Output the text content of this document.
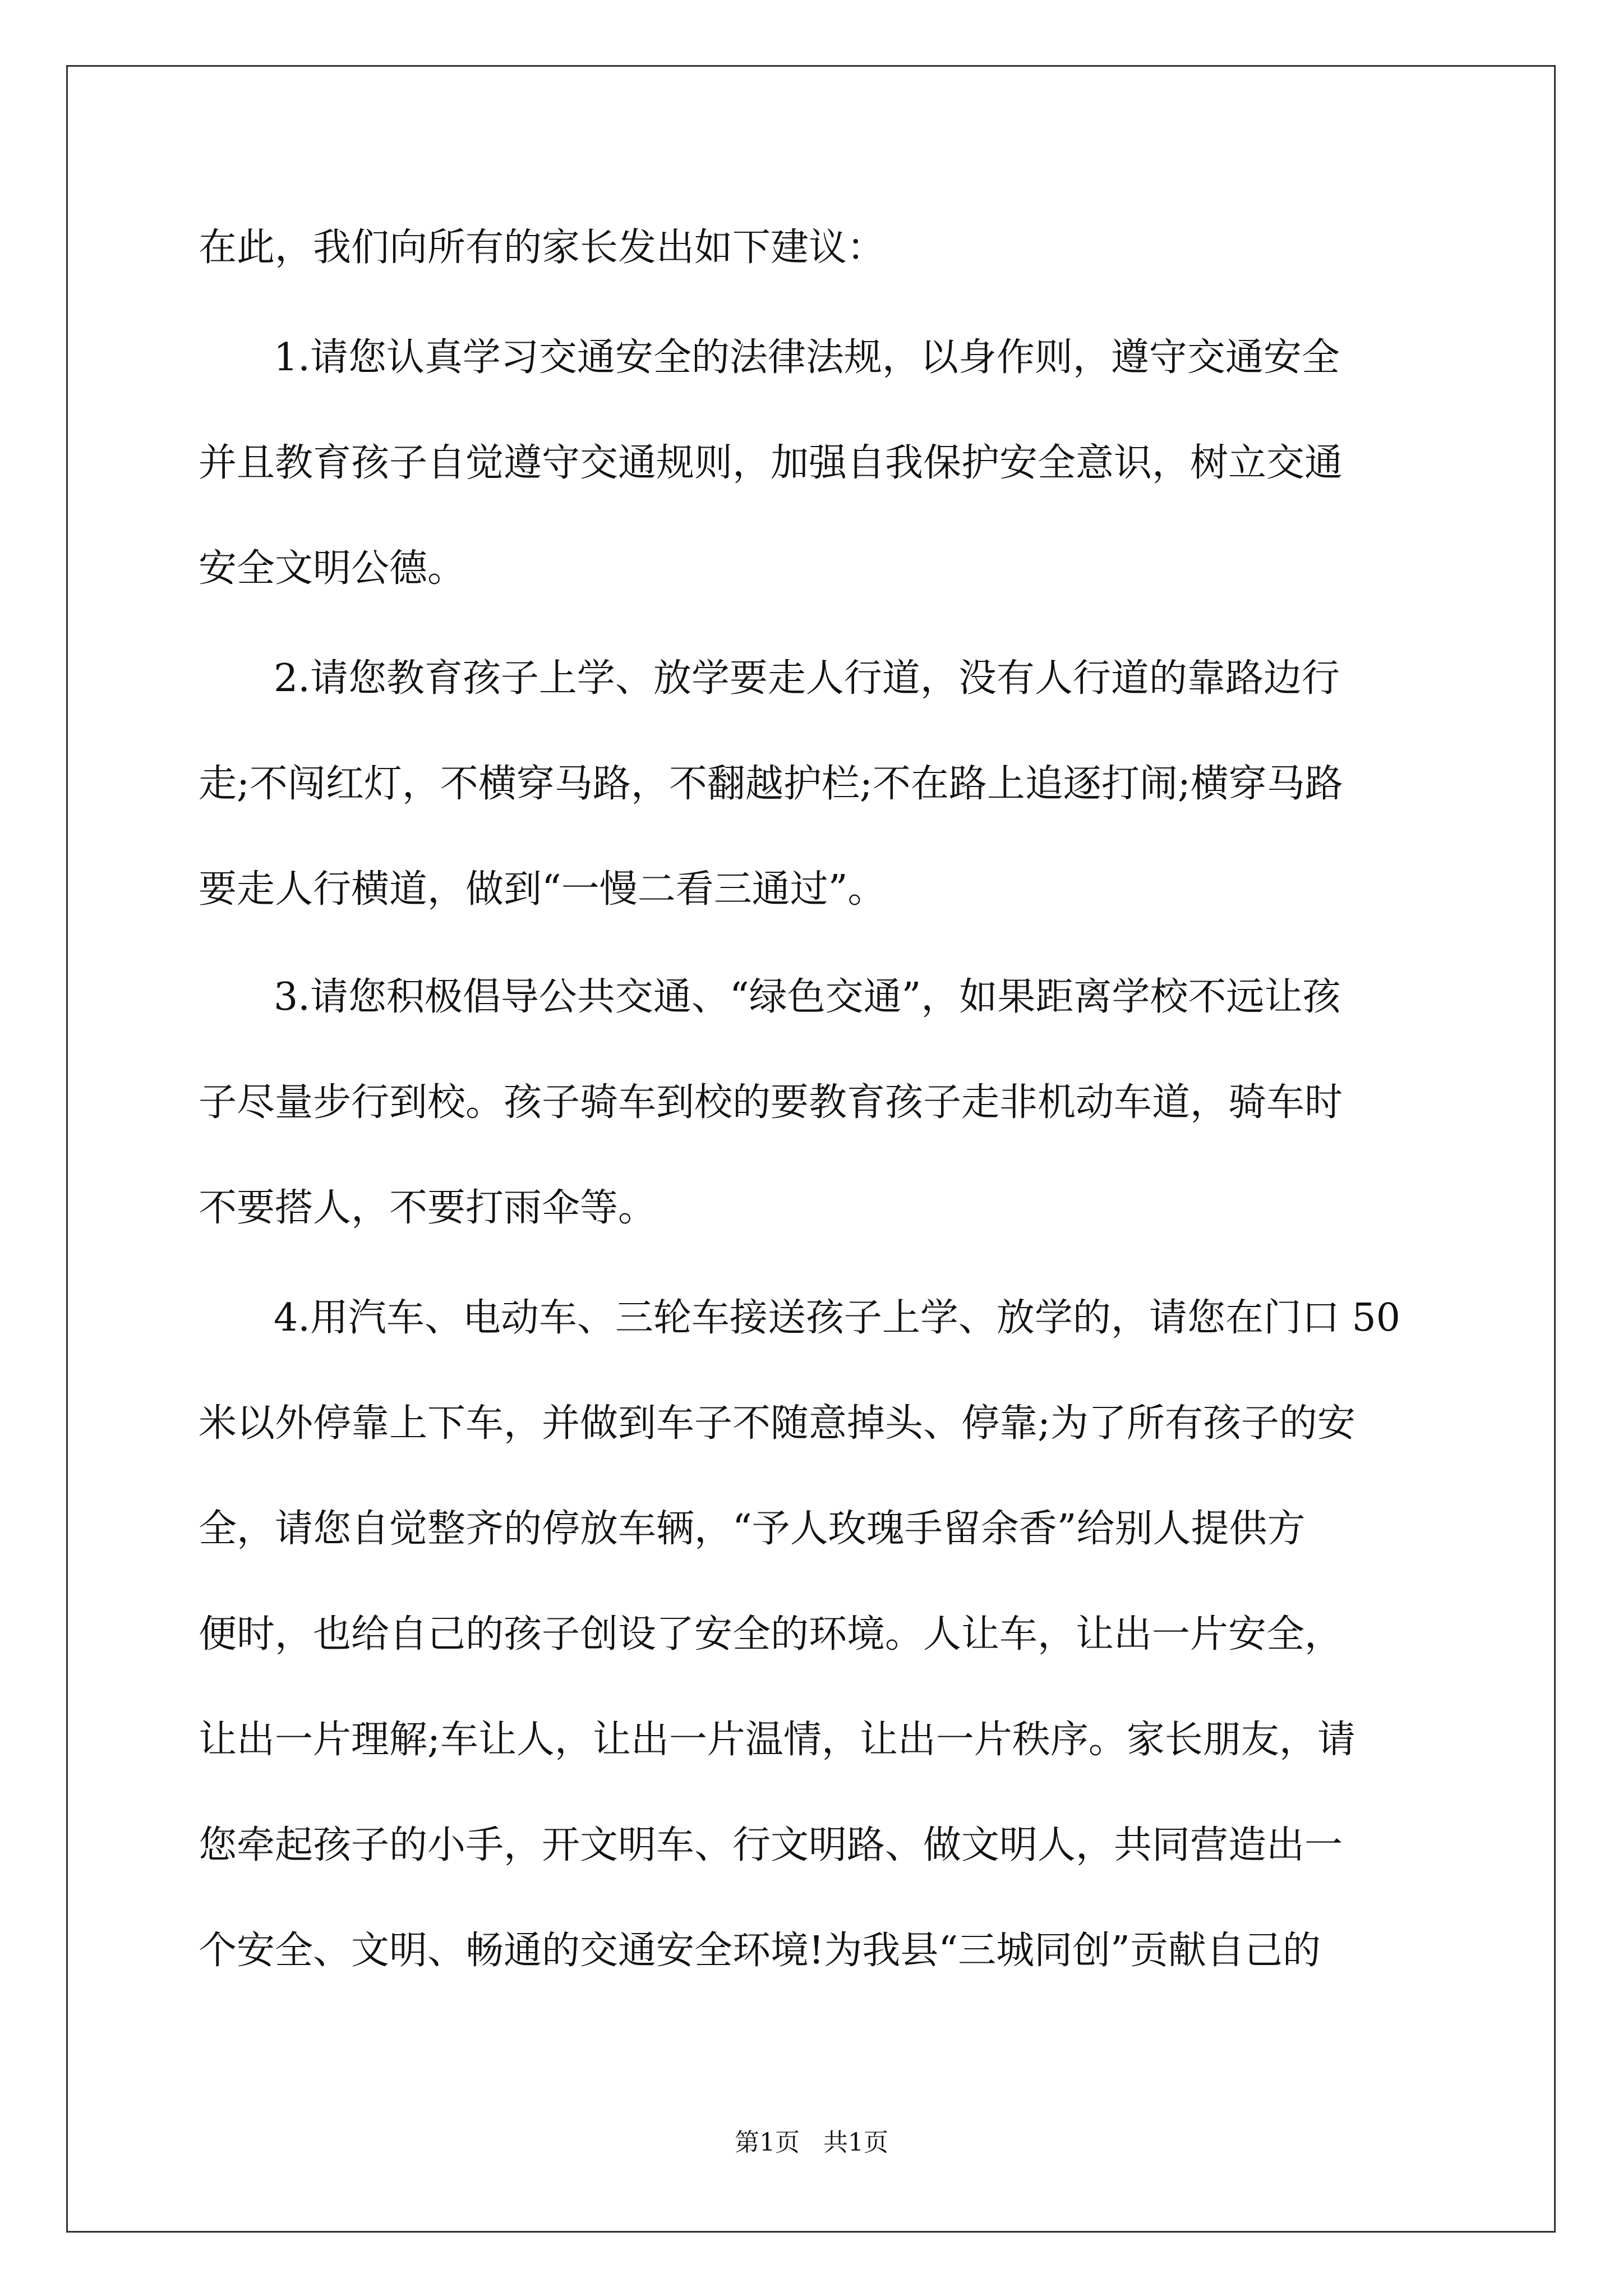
在此，我们向所有的家长发出如下建议：

1.请您认真学习交通安全的法律法规，以身作则，遵守交通安全

并且教育孩子自觉遵守交通规则，加强自我保护安全意识，树立交通

安全文明公德。

2.请您教育孩子上学、放学要走人行道，没有人行道的靠路边行

走;不闯红灯，不横穿马路，不翻越护栏;不在路上追逐打闹;横穿马路

要走人行横道，做到“一慢二看三通过”。

3.请您积极倡导公共交通、“绿色交通”，如果距离学校不远让孩

子尽量步行到校。孩子骑车到校的要教育孩子走非机动车道，骑车时

不要搭人，不要打雨伞等。

4.用汽车、电动车、三轮车接送孩子上学、放学的，请您在门口 50

米以外停靠上下车，并做到车子不随意掉头、停靠;为了所有孩子的安

全，请您自觉整齐的停放车辆，“予人玫瑰手留余香”给别人提供方

便时，也给自己的孩子创设了安全的环境。人让车，让出一片安全，

让出一片理解;车让人，让出一片温情，让出一片秩序。家长朋友，请

您牵起孩子的小手，开文明车、行文明路、做文明人，共同营造出一

个安全、文明、畅通的交通安全环境!为我县“三城同创”贡献自己的

第1页   共1页
